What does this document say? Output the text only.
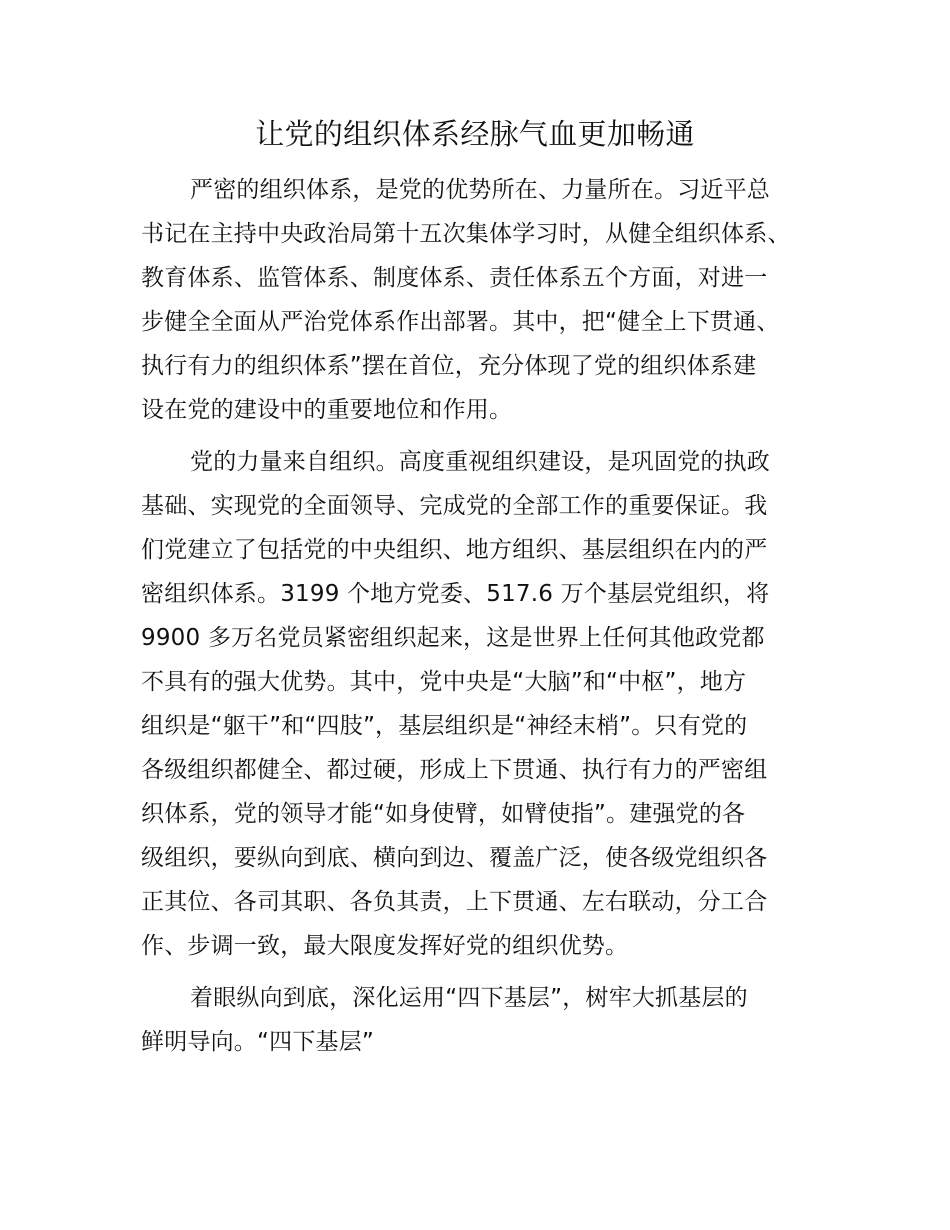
让党的组织体系经脉气血更加畅通
严密的组织体系，是党的优势所在、力量所在。习近平总
书记在主持中央政治局第十五次集体学习时，从健全组织体系、
教育体系、监管体系、制度体系、责任体系五个方面，对进一
步健全全面从严治党体系作出部署。其中，把“健全上下贯通、
执行有力的组织体系”摆在首位，充分体现了党的组织体系建
设在党的建设中的重要地位和作用。
党的力量来自组织。高度重视组织建设，是巩固党的执政
基础、实现党的全面领导、完成党的全部工作的重要保证。我
们党建立了包括党的中央组织、地方组织、基层组织在内的严
密组织体系。3199 个地方党委、517.6 万个基层党组织，将
9900 多万名党员紧密组织起来，这是世界上任何其他政党都
不具有的强大优势。其中，党中央是“大脑”和“中枢”，地方
组织是“躯干”和“四肢”，基层组织是“神经末梢”。只有党的
各级组织都健全、都过硬，形成上下贯通、执行有力的严密组
织体系，党的领导才能“如身使臂，如臂使指”。建强党的各
级组织，要纵向到底、横向到边、覆盖广泛，使各级党组织各
正其位、各司其职、各负其责，上下贯通、左右联动，分工合
作、步调一致，最大限度发挥好党的组织优势。
着眼纵向到底，深化运用“四下基层”，树牢大抓基层的
鲜明导向。“四下基层”
